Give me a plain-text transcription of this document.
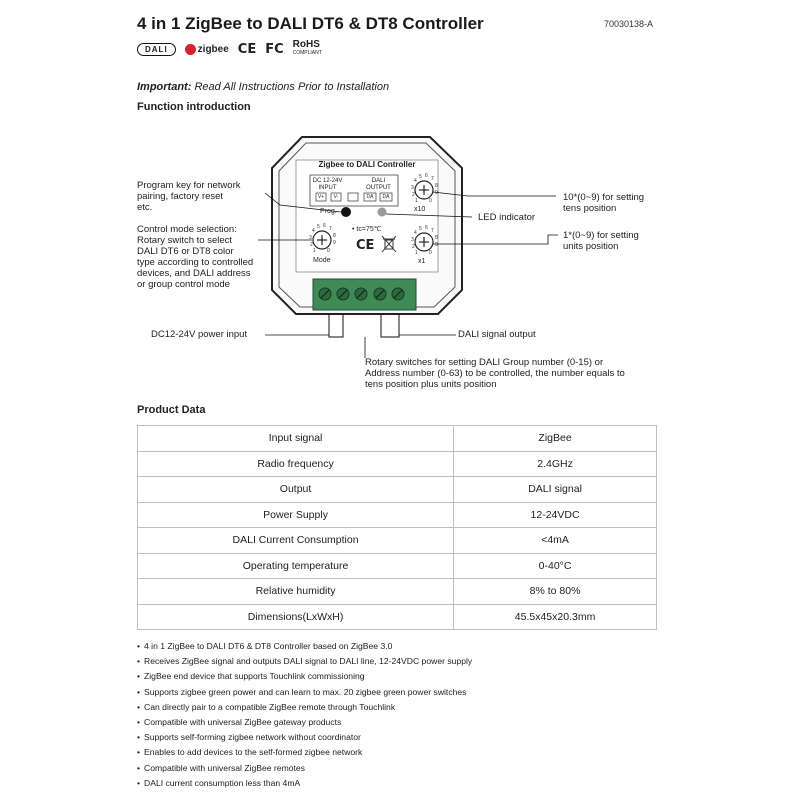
4 in 1 ZigBee to DALI DT6 & DT8 Controller	70030138-A
DALI	zigbee CE FC RoHS
COMPLIANT
Important: Read All Instructions Prior to Installation
Function introduction
4
5 6 7
8
9
0
1
2
3
4
5 6 7
8
9
0
1
2
3
4
5 6 7
8
9
0
1
2
3
Zigbee to DALI Controller
DC 12-24V
INPUT
DALI
OUTPUT
V+	V-	DA	DA
Prog.
• tc=75℃
CE
Mode
x10
x1
Program key for network
pairing, factory reset
etc.
Control mode selection:
Rotary switch to select
DALI DT6 or DT8 color
type according to controlled
devices, and DALI address
or group control mode
10*(0~9) for setting
tens position
LED indicator
1*(0~9) for setting
units position
DC12-24V power input	DALI signal output
Rotary switches for setting DALI Group number (0-15) or
Address number (0-63) to be controlled, the number equals to
tens position plus units position
Product Data
Input signal	ZigBee
Radio frequency	2.4GHz
Output	DALI signal
Power Supply	12-24VDC
DALI Current Consumption	<4mA
Operating temperature	0-40°C
Relative humidity	8% to 80%
Dimensions(LxWxH)	45.5x45x20.3mm
• 4 in 1 ZigBee to DALI DT6 & DT8 Controller based on ZigBee 3.0
• Receives ZigBee signal and outputs DALI signal to DALI line, 12-24VDC power supply
• ZigBee end device that supports Touchlink commissioning
• Supports zigbee green power and can learn to max. 20 zigbee green power switches
• Can directly pair to a compatible ZigBee remote through Touchlink
• Compatible with universal ZigBee gateway products
• Supports self-forming zigbee network without coordinator
• Enables to add devices to the self-formed zigbee network
• Compatible with universal ZigBee remotes
• DALI current consumption less than 4mA
